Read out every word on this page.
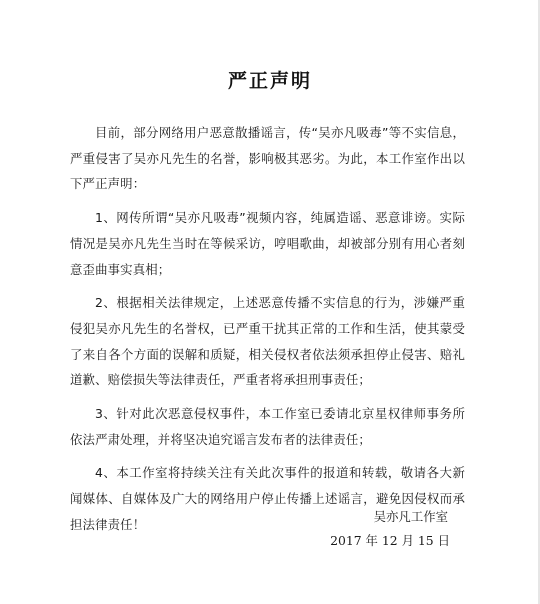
严正声明

目前，部分网络用户恶意散播谣言，传“吴亦凡吸毒”等不实信息，严重侵害了吴亦凡先生的名誉，影响极其恶劣。为此，本工作室作出以下严正声明：

1、网传所谓“吴亦凡吸毒”视频内容，纯属造谣、恶意诽谤。实际情况是吴亦凡先生当时在等候采访，哼唱歌曲，却被部分别有用心者刻意歪曲事实真相；

2、根据相关法律规定，上述恶意传播不实信息的行为，涉嫌严重侵犯吴亦凡先生的名誉权，已严重干扰其正常的工作和生活，使其蒙受了来自各个方面的误解和质疑，相关侵权者依法须承担停止侵害、赔礼道歉、赔偿损失等法律责任，严重者将承担刑事责任；

3、针对此次恶意侵权事件，本工作室已委请北京星权律师事务所依法严肃处理，并将坚决追究谣言发布者的法律责任；

4、本工作室将持续关注有关此次事件的报道和转载，敬请各大新闻媒体、自媒体及广大的网络用户停止传播上述谣言，避免因侵权而承担法律责任！

吴亦凡工作室
2017 年 12 月 15 日
